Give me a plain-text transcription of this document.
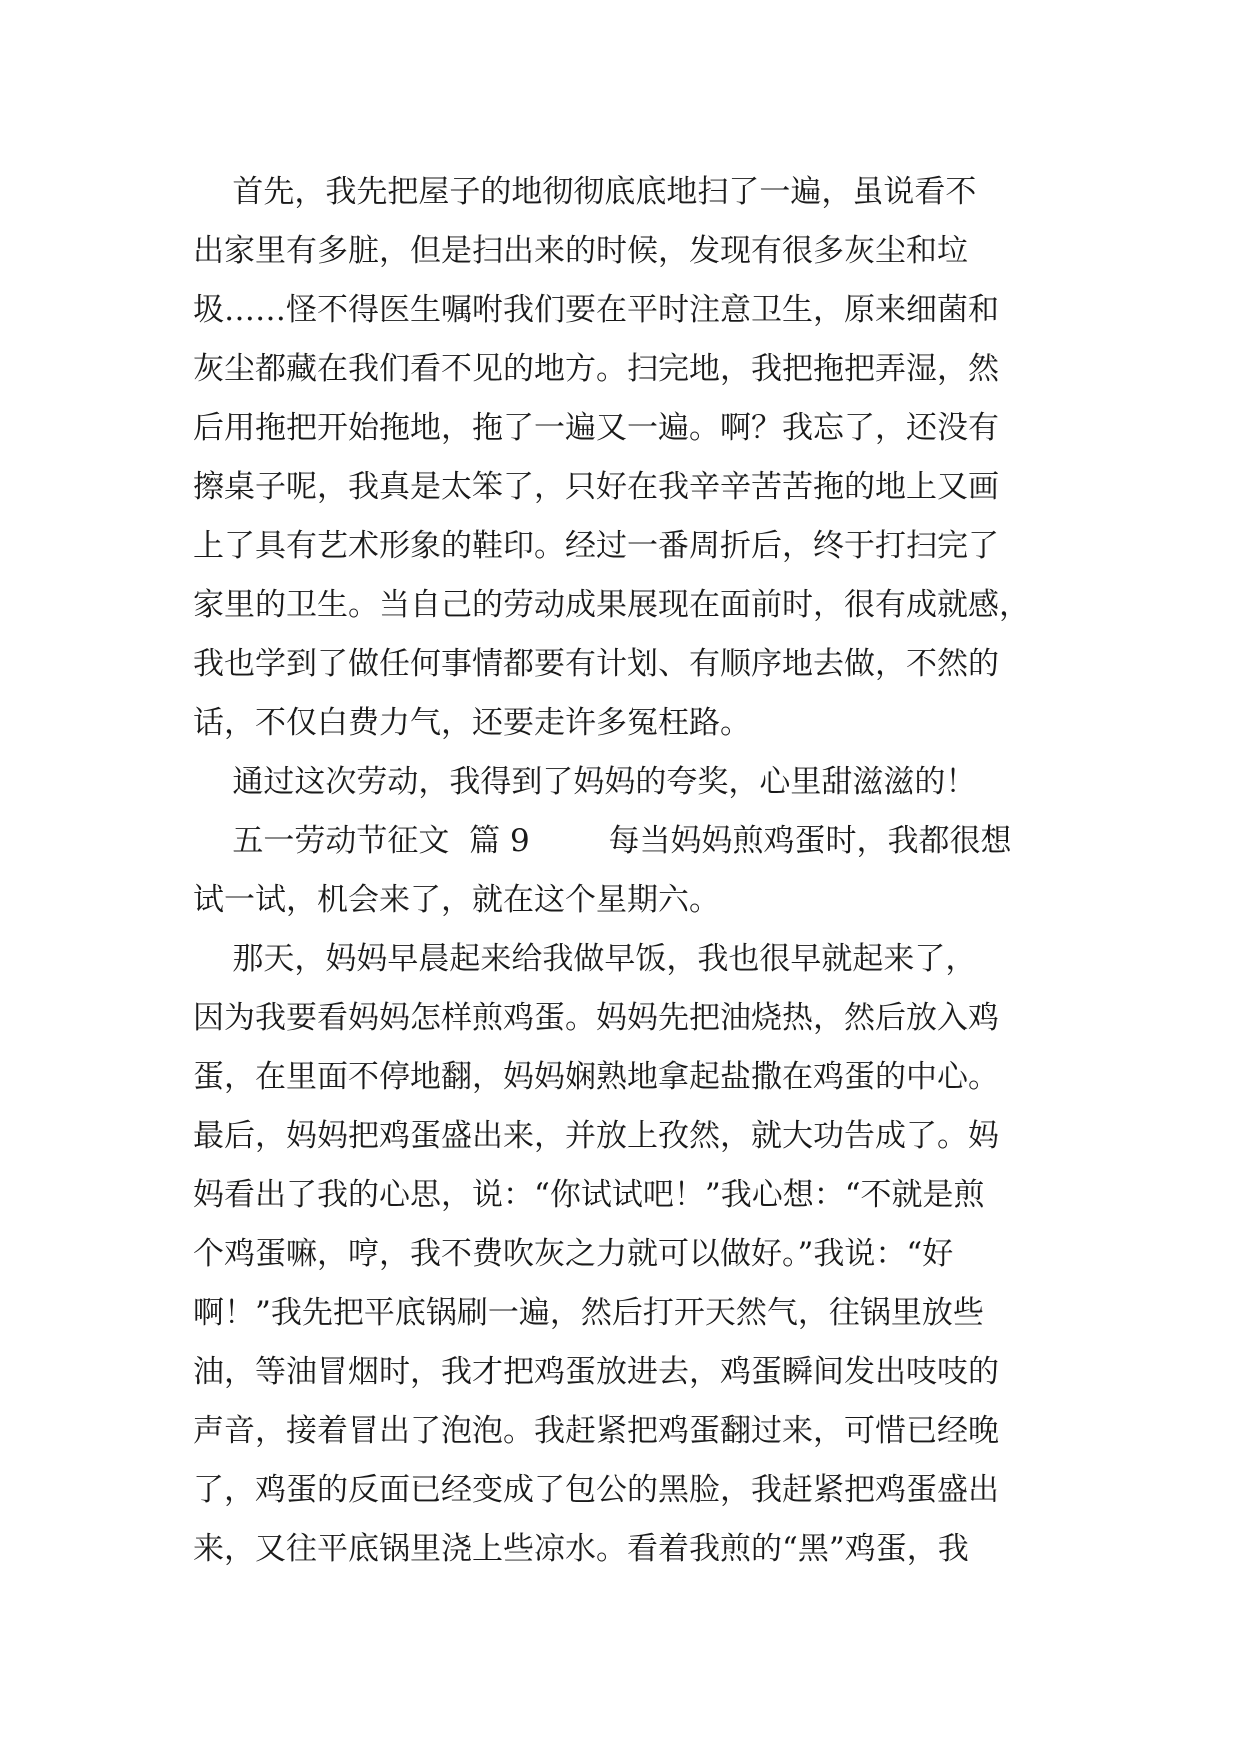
首先，我先把屋子的地彻彻底底地扫了一遍，虽说看不
出家里有多脏，但是扫出来的时候，发现有很多灰尘和垃
圾……怪不得医生嘱咐我们要在平时注意卫生，原来细菌和
灰尘都藏在我们看不见的地方。扫完地，我把拖把弄湿，然
后用拖把开始拖地，拖了一遍又一遍。啊？我忘了，还没有
擦桌子呢，我真是太笨了，只好在我辛辛苦苦拖的地上又画
上了具有艺术形象的鞋印。经过一番周折后，终于打扫完了
家里的卫生。当自己的劳动成果展现在面前时，很有成就感，
我也学到了做任何事情都要有计划、有顺序地去做，不然的
话，不仅白费力气，还要走许多冤枉路。
通过这次劳动，我得到了妈妈的夸奖，心里甜滋滋的！
五一劳动节征文  篇 9        每当妈妈煎鸡蛋时，我都很想
试一试，机会来了，就在这个星期六。
那天，妈妈早晨起来给我做早饭，我也很早就起来了，
因为我要看妈妈怎样煎鸡蛋。妈妈先把油烧热，然后放入鸡
蛋，在里面不停地翻，妈妈娴熟地拿起盐撒在鸡蛋的中心。
最后，妈妈把鸡蛋盛出来，并放上孜然，就大功告成了。妈
妈看出了我的心思，说：“你试试吧！”我心想：“不就是煎
个鸡蛋嘛，哼，我不费吹灰之力就可以做好。”我说：“好
啊！”我先把平底锅刷一遍，然后打开天然气，往锅里放些
油，等油冒烟时，我才把鸡蛋放进去，鸡蛋瞬间发出吱吱的
声音，接着冒出了泡泡。我赶紧把鸡蛋翻过来，可惜已经晚
了，鸡蛋的反面已经变成了包公的黑脸，我赶紧把鸡蛋盛出
来，又往平底锅里浇上些凉水。看着我煎的“黑”鸡蛋，我
